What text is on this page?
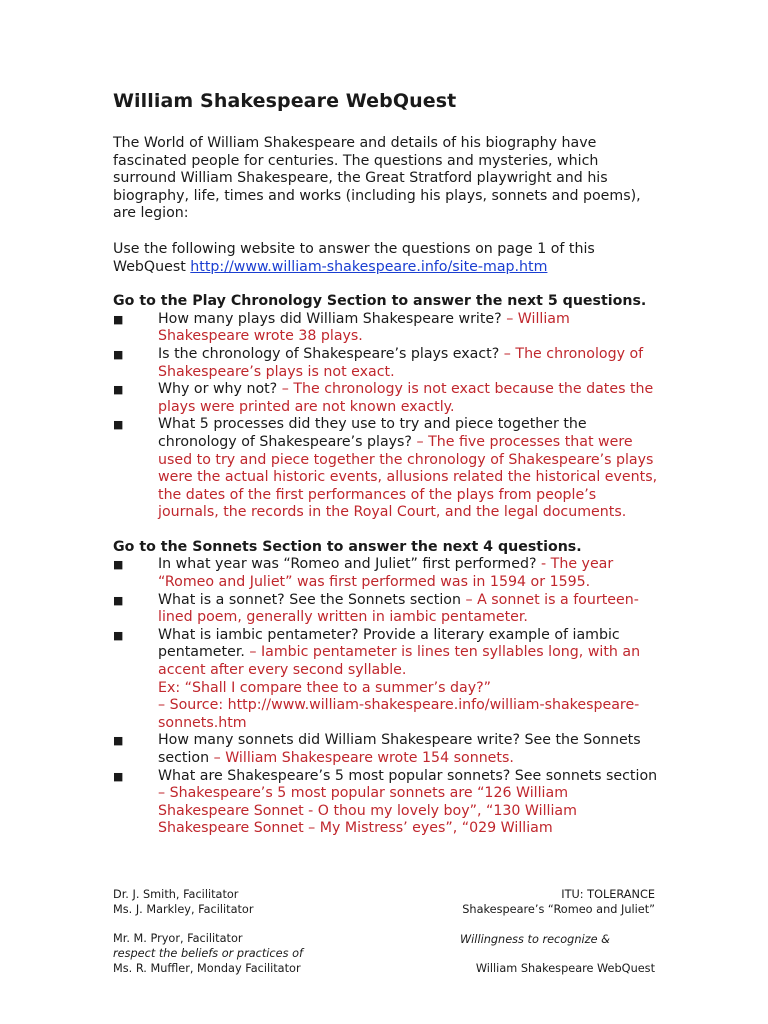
William Shakespeare WebQuest

The World of William Shakespeare and details of his biography have fascinated people for centuries. The questions and mysteries, which surround William Shakespeare, the Great Stratford playwright and his biography, life, times and works (including his plays, sonnets and poems), are legion:

Use the following website to answer the questions on page 1 of this WebQuest http://www.william-shakespeare.info/site-map.htm

Go to the Play Chronology Section to answer the next 5 questions.

■ How many plays did William Shakespeare write? – William Shakespeare wrote 38 plays.
■ Is the chronology of Shakespeare’s plays exact? – The chronology of Shakespeare’s plays is not exact.
■ Why or why not? – The chronology is not exact because the dates the plays were printed are not known exactly.
■ What 5 processes did they use to try and piece together the chronology of Shakespeare’s plays? – The five processes that were used to try and piece together the chronology of Shakespeare’s plays were the actual historic events, allusions related the historical events, the dates of the first performances of the plays from people’s journals, the records in the Royal Court, and the legal documents.

Go to the Sonnets Section to answer the next 4 questions.

■ In what year was “Romeo and Juliet” first performed? - The year “Romeo and Juliet” was first performed was in 1594 or 1595.
■ What is a sonnet? See the Sonnets section – A sonnet is a fourteen-lined poem, generally written in iambic pentameter.
■ What is iambic pentameter? Provide a literary example of iambic pentameter. – Iambic pentameter is lines ten syllables long, with an accent after every second syllable.
Ex: “Shall I compare thee to a summer’s day?”
– Source: http://www.william-shakespeare.info/william-shakespeare-sonnets.htm
■ How many sonnets did William Shakespeare write? See the Sonnets section – William Shakespeare wrote 154 sonnets.
■ What are Shakespeare’s 5 most popular sonnets? See sonnets section – Shakespeare’s 5 most popular sonnets are “126 William Shakespeare Sonnet - O thou my lovely boy”, “130 William Shakespeare Sonnet – My Mistress’ eyes”, “029 William
Dr. J. Smith, Facilitator	ITU: TOLERANCE
Ms. J. Markley, Facilitator	Shakespeare’s “Romeo and Juliet”
Mr. M. Pryor, Facilitator
respect the beliefs or practices of
Ms. R. Muffler, Monday Facilitator	William Shakespeare WebQuest
Willingness to recognize &
